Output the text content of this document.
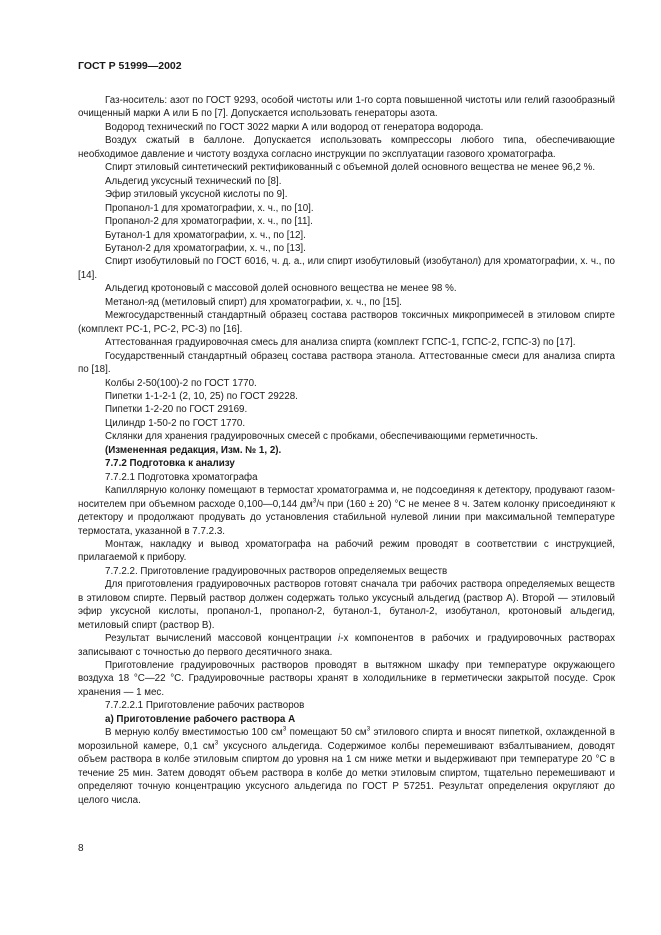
ГОСТ Р 51999—2002

Газ-носитель: азот по ГОСТ 9293, особой чистоты или 1-го сорта повышенной чистоты или гелий газообразный очищенный марки А или Б по [7]. Допускается использовать генераторы азота.

Водород технический по ГОСТ 3022 марки А или водород от генератора водорода.

Воздух сжатый в баллоне. Допускается использовать компрессоры любого типа, обеспечивающие необходимое давление и чистоту воздуха согласно инструкции по эксплуатации газового хроматографа.

Спирт этиловый синтетический ректификованный с объемной долей основного вещества не менее 96,2 %.

Альдегид уксусный технический по [8].

Эфир этиловый уксусной кислоты по 9].

Пропанол-1 для хроматографии, х. ч., по [10].

Пропанол-2 для хроматографии, х. ч., по [11].

Бутанол-1 для хроматографии, х. ч., по [12].

Бутанол-2 для хроматографии, х. ч., по [13].

Спирт изобутиловый по ГОСТ 6016, ч. д. а., или спирт изобутиловый (изобутанол) для хроматографии, х. ч., по [14].

Альдегид кротоновый с массовой долей основного вещества не менее 98 %.

Метанол-яд (метиловый спирт) для хроматографии, х. ч., по [15].

Межгосударственный стандартный образец состава растворов токсичных микропримесей в этиловом спирте (комплект PC-1, PC-2, PC-3) по [16].

Аттестованная градуировочная смесь для анализа спирта (комплект ГСПС-1, ГСПС-2, ГСПС-3) по [17].

Государственный стандартный образец состава раствора этанола. Аттестованные смеси для анализа спирта по [18].

Колбы 2-50(100)-2 по ГОСТ 1770.

Пипетки 1-1-2-1 (2, 10, 25) по ГОСТ 29228.

Пипетки 1-2-20 по ГОСТ 29169.

Цилиндр 1-50-2 по ГОСТ 1770.

Склянки для хранения градуировочных смесей с пробками, обеспечивающими герметичность.

(Измененная редакция, Изм. № 1, 2).

7.7.2 Подготовка к анализу

7.7.2.1 Подготовка хроматографа

Капиллярную колонку помещают в термостат хроматограмма и, не подсоединяя к детектору, продувают газом-носителем при объемном расходе 0,100—0,144 $дм^3/ч$ при (160 ± 20) °С не менее 8 ч. Затем колонку присоединяют к детектору и продолжают продувать до установления стабильной нулевой линии при максимальной температуре термостата, указанной в 7.7.2.3.

Монтаж, накладку и вывод хроматографа на рабочий режим проводят в соответствии с инструкцией, прилагаемой к прибору.

7.7.2.2. Приготовление градуировочных растворов определяемых веществ

Для приготовления градуировочных растворов готовят сначала три рабочих раствора определяемых веществ в этиловом спирте. Первый раствор должен содержать только уксусный альдегид (раствор А). Второй — этиловый эфир уксусной кислоты, пропанол-1, пропанол-2, бутанол-1, бутанол-2, изобутанол, кротоновый альдегид, метиловый спирт (раствор В).

Результат вычислений массовой концентрации i-х компонентов в рабочих и градуировочных растворах записывают с точностью до первого десятичного знака.

Приготовление градуировочных растворов проводят в вытяжном шкафу при температуре окружающего воздуха 18 °С—22 °С. Градуировочные растворы хранят в холодильнике в герметически закрытой посуде. Срок хранения — 1 мес.

7.7.2.2.1 Приготовление рабочих растворов

а) Приготовление рабочего раствора А

В мерную колбу вместимостью 100 $см^3$ помещают 50 $см^3$ этилового спирта и вносят пипеткой, охлажденной в морозильной камере, 0,1 $см^3$ уксусного альдегида. Содержимое колбы перемешивают взбалтыванием, доводят объем раствора в колбе этиловым спиртом до уровня на 1 см ниже метки и выдерживают при температуре 20 °С в течение 25 мин. Затем доводят объем раствора в колбе до метки этиловым спиртом, тщательно перемешивают и определяют точную концентрацию уксусного альдегида по ГОСТ Р 57251. Результат определения округляют до целого числа.

8
